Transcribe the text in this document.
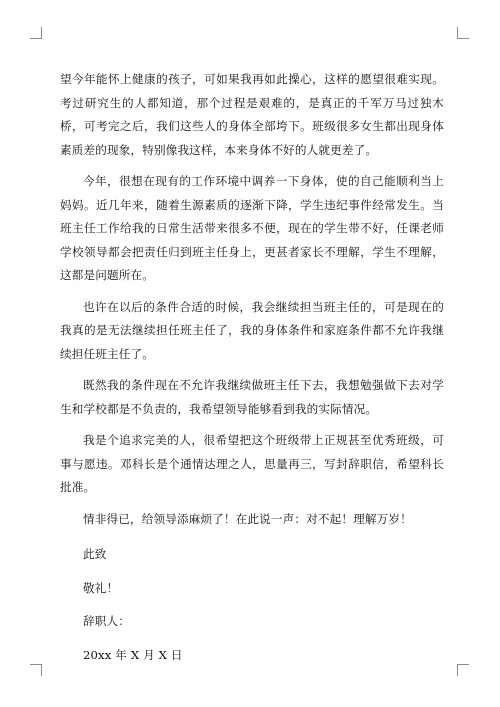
望今年能怀上健康的孩子，可如果我再如此操心，这样的愿望很难实现。考过研究生的人都知道，那个过程是艰难的，是真正的千军万马过独木桥，可考完之后，我们这些人的身体全部垮下。班级很多女生都出现身体素质差的现象，特别像我这样，本来身体不好的人就更差了。

今年，很想在现有的工作环境中调养一下身体，使的自己能顺利当上妈妈。近几年来，随着生源素质的逐渐下降，学生违纪事件经常发生。当班主任工作给我的日常生活带来很多不便，现在的学生带不好，任课老师学校领导都会把责任归到班主任身上，更甚者家长不理解，学生不理解，这都是问题所在。

也许在以后的条件合适的时候，我会继续担当班主任的，可是现在的我真的是无法继续担任班主任了，我的身体条件和家庭条件都不允许我继续担任班主任了。

既然我的条件现在不允许我继续做班主任下去，我想勉强做下去对学生和学校都是不负责的，我希望领导能够看到我的实际情况。

我是个追求完美的人，很希望把这个班级带上正规甚至优秀班级，可事与愿违。邓科长是个通情达理之人，思量再三，写封辞职信，希望科长批准。

情非得已，给领导添麻烦了！在此说一声：对不起！理解万岁！

此致

敬礼！

辞职人：

20xx 年 X 月 X 日
